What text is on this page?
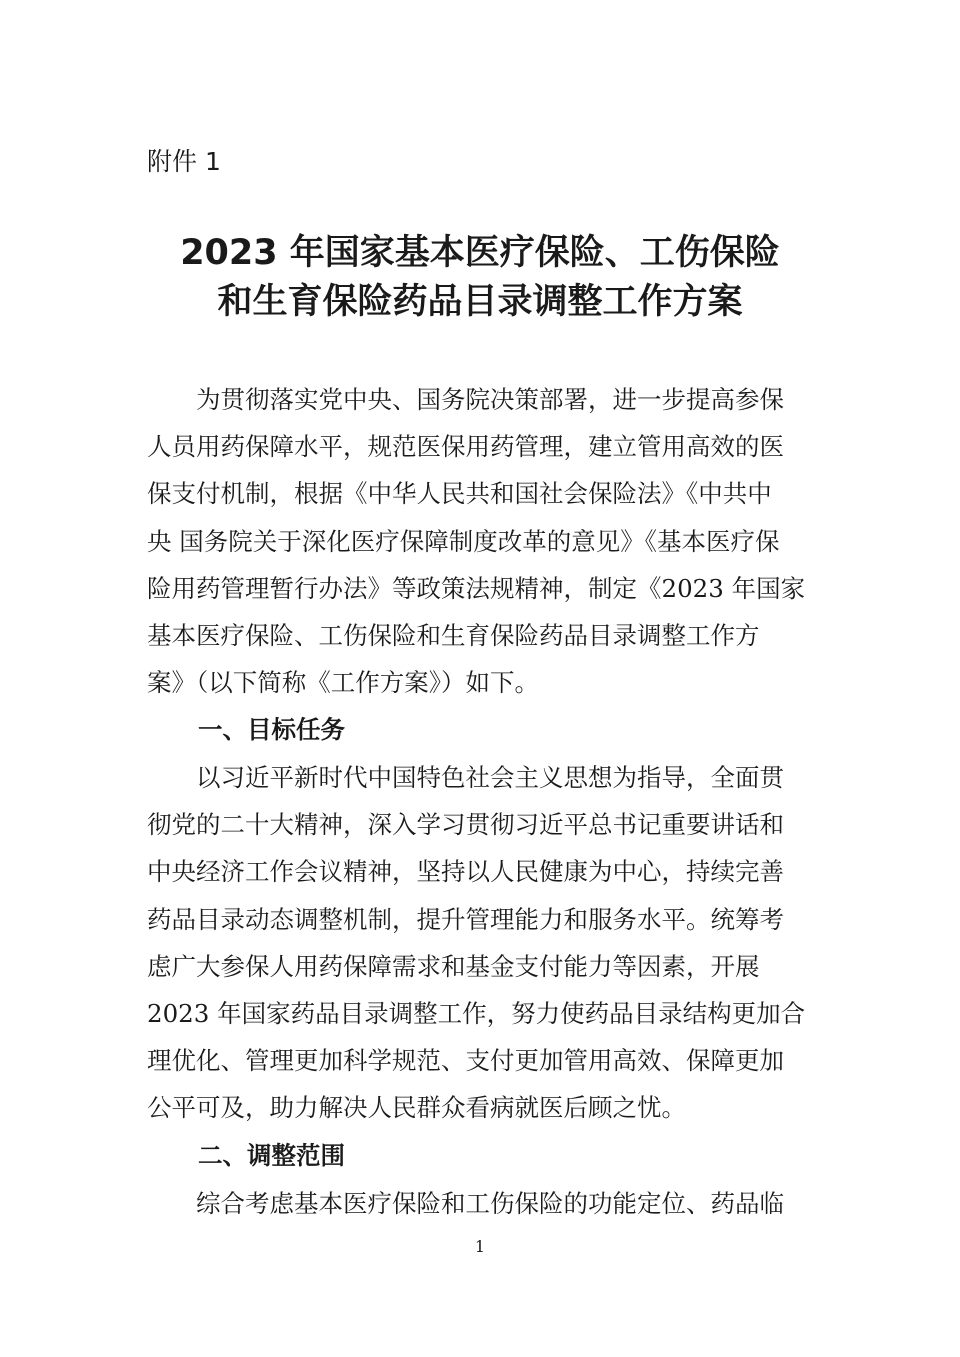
附件 1
2023 年国家基本医疗保险、工伤保险
和生育保险药品目录调整工作方案
　　为贯彻落实党中央、国务院决策部署，进一步提高参保
人员用药保障水平，规范医保用药管理，建立管用高效的医
保支付机制，根据《中华人民共和国社会保险法》《中共中
央 国务院关于深化医疗保障制度改革的意见》《基本医疗保
险用药管理暂行办法》等政策法规精神，制定《2023 年国家
基本医疗保险、工伤保险和生育保险药品目录调整工作方
案》（以下简称《工作方案》）如下。
一、目标任务
　　以习近平新时代中国特色社会主义思想为指导，全面贯
彻党的二十大精神，深入学习贯彻习近平总书记重要讲话和
中央经济工作会议精神，坚持以人民健康为中心，持续完善
药品目录动态调整机制，提升管理能力和服务水平。统筹考
虑广大参保人用药保障需求和基金支付能力等因素，开展
2023 年国家药品目录调整工作，努力使药品目录结构更加合
理优化、管理更加科学规范、支付更加管用高效、保障更加
公平可及，助力解决人民群众看病就医后顾之忧。
二、调整范围
　　综合考虑基本医疗保险和工伤保险的功能定位、药品临
1
